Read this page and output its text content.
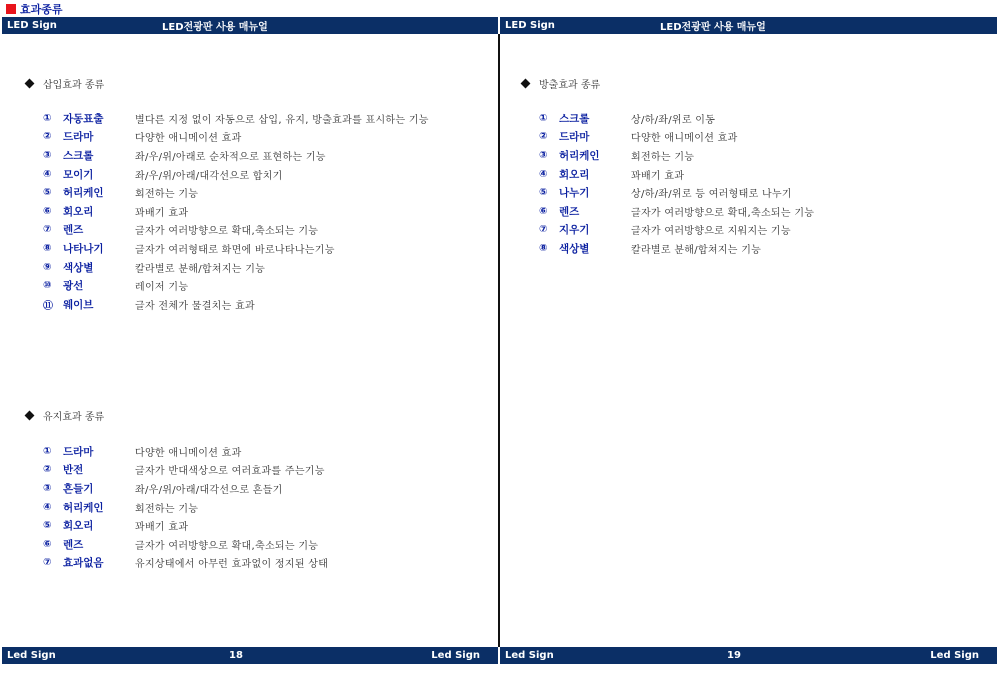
효과종류
LED Sign	LED전광판 사용 매뉴얼	LED Sign	LED전광판 사용 매뉴얼
삽입효과 종류
①	자동표출	별다른 지정 없이 자동으로 삽입, 유지, 방출효과를 표시하는 기능
②	드라마	다양한 애니메이션 효과
③	스크롤	좌/우/위/아래로 순차적으로 표현하는 기능
④	모이기	좌/우/위/아래/대각선으로 합치기
⑤	허리케인	회전하는 기능
⑥	회오리	꽈배기 효과
⑦	렌즈	글자가 여러방향으로 확대,축소되는 기능
⑧	나타나기	글자가 여러형태로 화면에 바로나타나는기능
⑨	색상별	칼라별로 분해/합쳐지는 기능
⑩	광선	레이저 기능
⑪ 웨이브	글자 전체가 물결치는 효과
유지효과 종류
①	드라마	다양한 애니메이션 효과
②	반전	글자가 반대색상으로 여러효과를 주는기능
③	흔들기	좌/우/위/아래/대각선으로 흔들기
④	허리케인	회전하는 기능
⑤	회오리	꽈배기 효과
⑥	렌즈	글자가 여러방향으로 확대,축소되는 기능
⑦	효과없음	유지상태에서 아무런 효과없이 정지된 상태
방출효과 종류
①	스크롤	상/하/좌/위로 이동
②	드라마	다양한 애니메이션 효과
③	허리케인	회전하는 기능
④	회오리	꽈배기 효과
⑤	나누기	상/하/좌/위로 등 여러형태로 나누기
⑥	렌즈	글자가 여러방향으로 확대,축소되는 기능
⑦	지우기	글자가 여러방향으로 지워지는 기능
⑧	색상별	칼라별로 분해/합쳐지는 기능
Led Sign	18	Led Sign	Led Sign	19	Led Sign
